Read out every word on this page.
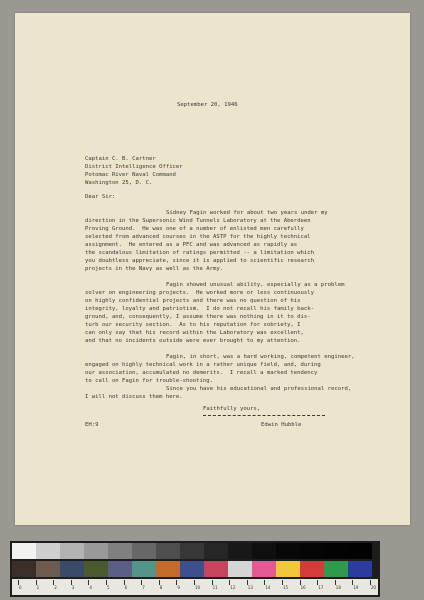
September 20, 1946
Captain C. B. Cartner
District Intelligence Officer
Potomac River Naval Command
Washington 25, D. C.
Dear Sir:
Sidney Fagin worked for about two years under my
direction in the Supersonic Wind Tunnels Laboratory at the Aberdeen
Proving Ground.  He was one of a number of enlisted men carefully
selected from advanced courses in the ASTP for the highly technical
assignment.  He entered as a PFC and was advanced as rapidly as
the scandalous limitation of ratings permitted -- a limitation which
you doubtless appreciate, since it is applied to scientific research
projects in the Navy as well as the Army.
Fagin showed unusual ability, especially as a problem
solver on engineering projects.  He worked more or less continuously
on highly confidential projects and there was no question of his
integrity, loyalty and patriotism.  I do not recall his family back-
ground, and, consequently, I assume there was nothing in it to dis-
turb our security section.  As to his reputation for sobriety, I
can only say that his record within the Laboratory was excellent,
and that no incidents outside were ever brought to my attention.
Fagin, in short, was a hard working, competent engineer,
engaged on highly technical work in a rather unique field, and, during
our association, accumulated no demerits.  I recall a marked tendency
to call on Fagin for trouble-shooting.
Since you have his educational and professional record,
I will not discuss them here.
Faithfully yours,
EH:9	Edwin Hubble
0	1	2	3	4	5	6	7	8	9	10	11	12	13	14	15	16	17	18	19	20
